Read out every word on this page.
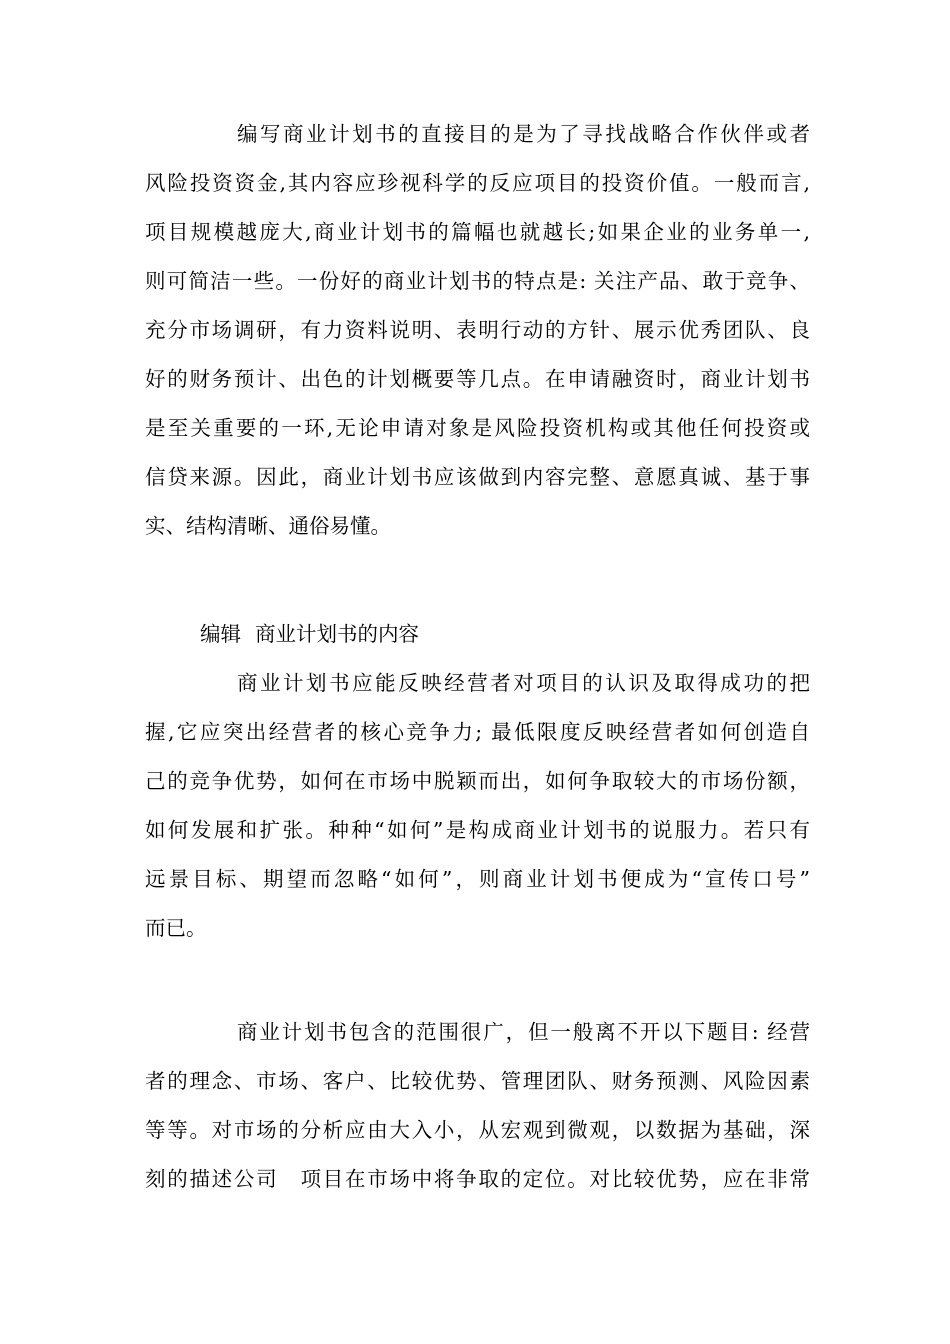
编写商业计划书的直接目的是为了寻找战略合作伙伴或者
风险投资资金,其内容应珍视科学的反应项目的投资价值。一般而言,
项目规模越庞大,商业计划书的篇幅也就越长;如果企业的业务单一,
则可简洁一些。一份好的商业计划书的特点是: 关注产品、敢于竞争、
充分市场调研，有力资料说明、表明行动的方针、展示优秀团队、良
好的财务预计、出色的计划概要等几点。在申请融资时，商业计划书
是至关重要的一环,无论申请对象是风险投资机构或其他任何投资或
信贷来源。因此，商业计划书应该做到内容完整、意愿真诚、基于事
实、结构清晰、通俗易懂。
编辑 商业计划书的内容
商业计划书应能反映经营者对项目的认识及取得成功的把
握,它应突出经营者的核心竞争力; 最低限度反映经营者如何创造自
己的竞争优势，如何在市场中脱颖而出，如何争取较大的市场份额，
如何发展和扩张。种种“如何”是构成商业计划书的说服力。若只有
远景目标、期望而忽略“如何”，则商业计划书便成为“宣传口号”
而已。
商业计划书包含的范围很广，但一般离不开以下题目: 经营
者的理念、市场、客户、比较优势、管理团队、财务预测、风险因素
等等。对市场的分析应由大入小，从宏观到微观，以数据为基础，深
刻的描述公司　项目在市场中将争取的定位。对比较优势，应在非常
